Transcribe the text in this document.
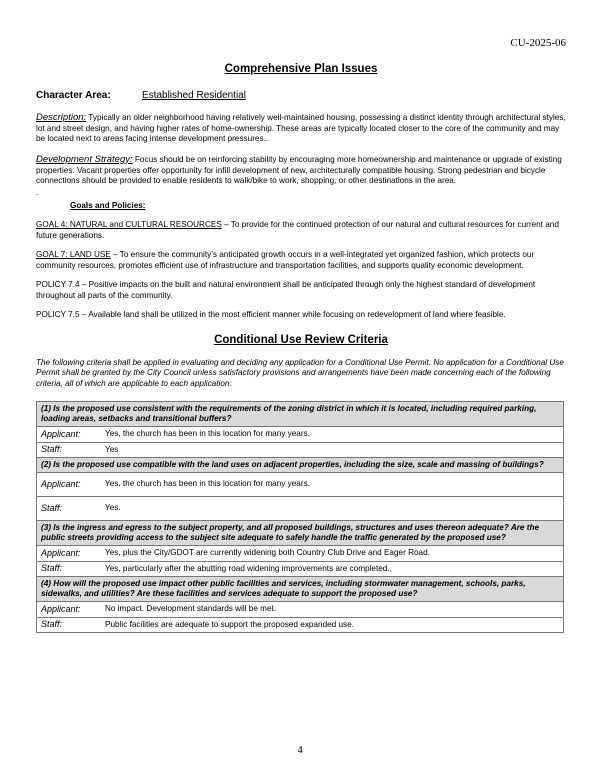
CU-2025-06
Comprehensive Plan Issues
Character Area:	Established Residential

Description: Typically an older neighborhood having relatively well-maintained housing, possessing a distinct identity through architectural styles, lot and street design, and having higher rates of home-ownership. These areas are typically located closer to the core of the community and may be located next to areas facing intense development pressures..

Development Strategy: Focus should be on reinforcing stability by encouraging more homeownership and maintenance or upgrade of existing properties. Vacant properties offer opportunity for infill development of new, architecturally compatible housing. Strong pedestrian and bicycle connections should be provided to enable residents to walk/bike to work, shopping, or other destinations in the area.

.

Goals and Policies:

GOAL 4: NATURAL and CULTURAL RESOURCES – To provide for the continued protection of our natural and cultural resources for current and future generations.

GOAL 7: LAND USE – To ensure the community’s anticipated growth occurs in a well-integrated yet organized fashion, which protects our community resources, promotes efficient use of infrastructure and transportation facilities, and supports quality economic development.

POLICY 7.4 – Positive impacts on the built and natural environment shall be anticipated through only the highest standard of development throughout all parts of the community.

POLICY 7.5 – Available land shall be utilized in the most efficient manner while focusing on redevelopment of land where feasible.

Conditional Use Review Criteria

The following criteria shall be applied in evaluating and deciding any application for a Conditional Use Permit. No application for a Conditional Use Permit shall be granted by the City Council unless satisfactory provisions and arrangements have been made concerning each of the following criteria, all of which are applicable to each application:

(1) Is the proposed use consistent with the requirements of the zoning district in which it is located, including required parking, loading areas, setbacks and transitional buffers?	
Applicant:	Yes, the church has been in this location for many years.
Staff:	Yes
(2) Is the proposed use compatible with the land uses on adjacent properties, including the size, scale and massing of buildings?	
Applicant:	Yes, the church has been in this location for many years.
Staff:	Yes.
(3) Is the ingress and egress to the subject property, and all proposed buildings, structures and uses thereon adequate? Are the public streets providing access to the subject site adequate to safely handle the traffic generated by the proposed use?	
Applicant:	Yes, plus the City/GDOT are currently widening both Country Club Drive and Eager Road.
Staff:	Yes, particularly after the abutting road widening improvements are completed.,
(4) How will the proposed use impact other public facilities and services, including stormwater management, schools, parks, sidewalks, and utilities? Are these facilities and services adequate to support the proposed use?	
Applicant:	No impact. Development standards will be met.
Staff:	Public facilities are adequate to support the proposed expanded use.
4
